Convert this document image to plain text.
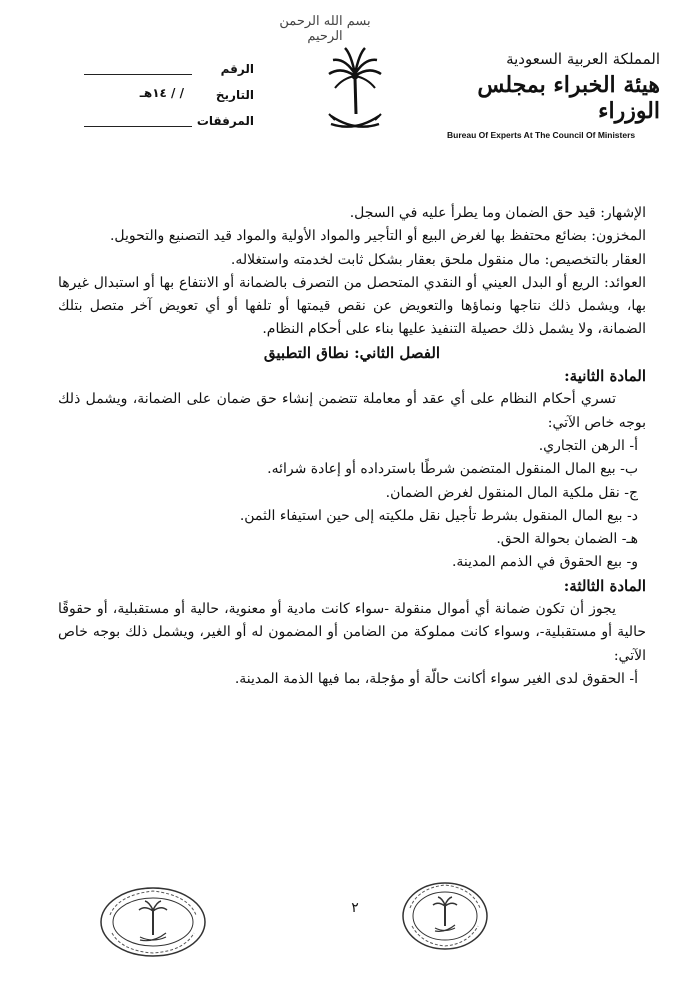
بسم الله الرحمن الرحيم
الرقم
التاريخ
/ / ١٤هـ
المرفقات
المملكة العربية السعودية
هيئة الخبراء بمجلس الوزراء
Bureau Of Experts At The Council Of Ministers

الإشهار: قيد حق الضمان وما يطرأ عليه في السجل.

المخزون: بضائع محتفظ بها لغرض البيع أو التأجير والمواد الأولية والمواد قيد التصنيع والتحويل.

العقار بالتخصيص: مال منقول ملحق بعقار بشكل ثابت لخدمته واستغلاله.

العوائد: الريع أو البدل العيني أو النقدي المتحصل من التصرف بالضمانة أو الانتفاع بها أو استبدال غيرها بها، ويشمل ذلك نتاجها ونماؤها والتعويض عن نقص قيمتها أو تلفها أو أي تعويض آخر متصل بتلك الضمانة، ولا يشمل ذلك حصيلة التنفيذ عليها بناء على أحكام النظام.

الفصل الثاني: نطاق التطبيق

المادة الثانية:

تسري أحكام النظام على أي عقد أو معاملة تتضمن إنشاء حق ضمان على الضمانة، ويشمل ذلك بوجه خاص الآتي:

أ- الرهن التجاري.

ب- بيع المال المنقول المتضمن شرطًا باسترداده أو إعادة شرائه.

ج- نقل ملكية المال المنقول لغرض الضمان.

د- بيع المال المنقول بشرط تأجيل نقل ملكيته إلى حين استيفاء الثمن.

هـ- الضمان بحوالة الحق.

و- بيع الحقوق في الذمم المدينة.

المادة الثالثة:

يجوز أن تكون ضمانة أي أموال منقولة -سواء كانت مادية أو معنوية، حالية أو مستقبلية، أو حقوقًا حالية أو مستقبلية-، وسواء كانت مملوكة من الضامن أو المضمون له أو الغير، ويشمل ذلك بوجه خاص الآتي:

أ- الحقوق لدى الغير سواء أكانت حالّة أو مؤجلة، بما فيها الذمة المدينة.

٢
